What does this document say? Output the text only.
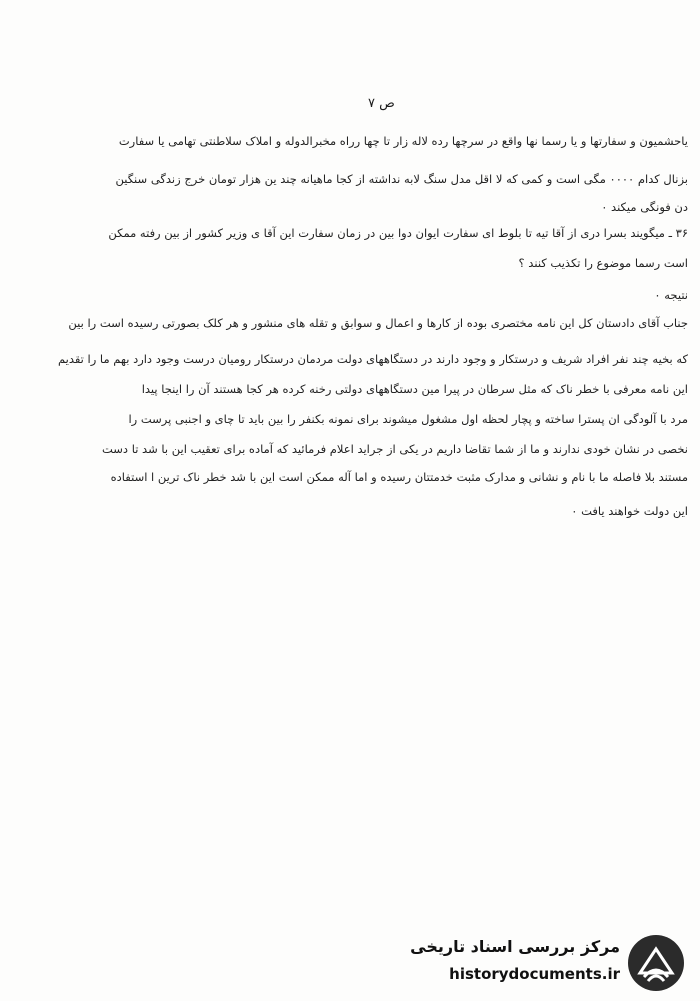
ص ۷
یاحشمیون و سفارتها و یا رسما نها واقع در سرچها رده لاله زار تا چها رراه مخبرالدوله و املاک سلاطنتی تهامی یا سفارت
بزنال کدام ۰۰۰۰ مگی است و کمی که لا اقل مدل سنگ لابه نداشته از کجا ماهیانه چند ین هزار تومان خرج زندگی سنگین
دن فونگی میکند ۰
۳۶ ـ میگویند بسرا دری از آقا تیه تا بلوط ای سفارت ایوان دوا بین در زمان سفارت این آقا ی وزیر کشور از بین رفته ممکن
است رسما موضوع را تکذیب کنند ؟
نتیجه ۰
جناب آقای دادستان کل این نامه مختصری بوده از کارها و اعمال و سوابق و تقله های منشور و هر کلک بصورتی رسیده است را بین
که بخیه چند نفر افراد شریف و درستکار و وجود دارند در دستگاههای دولت مردمان درستکار رومیان درست وجود دارد بهم ما را تقدیم
این نامه معرفی با خطر ناک که مثل سرطان در پیرا مین دستگاههای دولتی رخنه کرده هر کجا هستند آن را اینجا پیدا
مرد با آلودگی ان پسترا ساخته و پچار لحظه اول مشغول میشوند برای نمونه بکنفر را بین باید تا چای و اجنبی پرست را
نخصی در نشان خودی ندارند و ما از شما تقاضا داریم در یکی از جراید اعلام فرمائید که آماده برای تعقیب این با شد تا دست
مستند بلا فاصله ما با نام و نشانی و مدارک مثبت خدمتتان رسیده و اما آله ممکن است این با شد خطر ناک ترین ا استفاده
این دولت خواهند یافت ۰
مرکز بررسی اسناد تاریخی
historydocuments.ir
